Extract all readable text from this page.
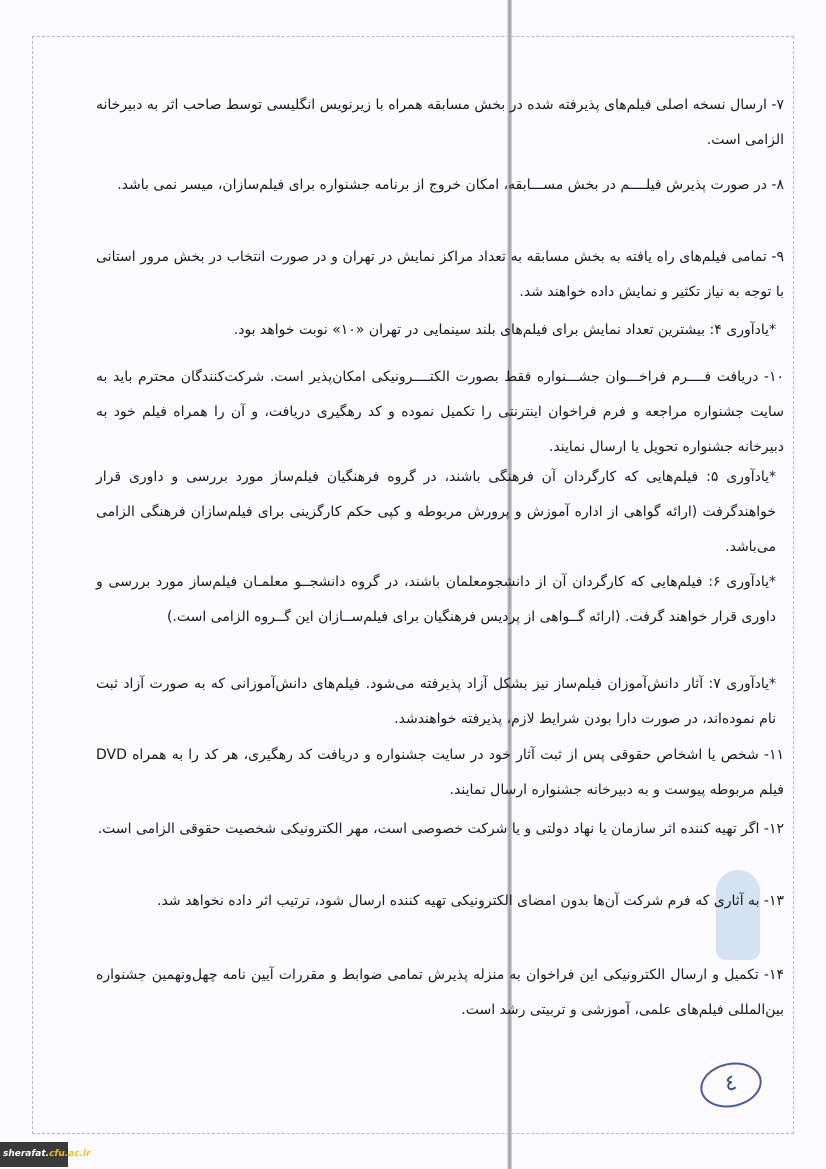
۷- ارسال نسخه اصلی فیلم‌های پذیرفته شده در بخش مسابقه همراه با زیرنویس انگلیسی توسط صاحب اثر به دبیرخانه الزامی است.

۸- در صورت پذیرش فیلــــم در بخش مســـابقه، امکان خروج از برنامه جشنواره برای فیلم‌سازان، میسر نمی باشد.

۹- تمامی فیلم‌های راه یافته به بخش مسابقه به تعداد مراکز نمایش در تهران و در صورت انتخاب در بخش مرور استانی با توجه به نیاز تکثیر و نمایش داده خواهند شد.

*یادآوری ۴: بیشترین تعداد نمایش برای فیلم‌های بلند سینمایی در تهران «۱۰» نوبت خواهد بود.

۱۰- دریافت فــــرم فراخـــوان جشـــنواره فقط بصورت الکتــــرونیکی امکان‌پذیر است. شرکت‌کنندگان محترم باید به سایت جشنواره مراجعه و فرم فراخوان اینترنتی را تکمیل نموده و کد رهگیری دریافت، و آن را همراه فیلم خود به دبیرخانه جشنواره تحویل یا ارسال نمایند.

*یادآوری ۵: فیلم‌هایی که کارگردان آن فرهنگی باشند، در گروه فرهنگیان فیلم‌ساز مورد بررسی و داوری قرار خواهندگرفت (ارائه گواهی از اداره آموزش و پرورش مربوطه و کپی حکم کارگزینی برای فیلم‌سازان فرهنگی الزامی می‌باشد.

*یادآوری ۶: فیلم‌هایی که کارگردان آن از دانشجومعلمان باشند، در گروه دانشجــو معلمـان فیلم‌ساز مورد بررسی و داوری قرار خواهند گرفت. (ارائه گــواهی از پردیس فرهنگیان برای فیلم‌ســازان این گــروه الزامی است.)

*یادآوری ۷: آثار دانش‌آموزان فیلم‌ساز نیز بشکل آزاد پذیرفته می‌شود. فیلم‌های دانش‌آموزانی که به صورت آزاد ثبت نام نموده‌اند، در صورت دارا بودن شرایط لازم، پذیرفته خواهندشد.

۱۱- شخص یا اشخاص حقوقی پس از ثبت آثار خود در سایت جشنواره و دریافت کد رهگیری، هر کد را به همراه DVD فیلم مربوطه پیوست و به دبیرخانه جشنواره ارسال نمایند.

۱۲- اگر تهیه کننده اثر سازمان یا نهاد دولتی و یا شرکت خصوصی است، مهر الکترونیکی شخصیت حقوقی الزامی است.

۱۳- به آثاری که فرم شرکت آن‌ها بدون امضای الکترونیکی تهیه کننده ارسال شود، ترتیب اثر داده نخواهد شد.

۱۴- تکمیل و ارسال الکترونیکی این فراخوان به منزله پذیرش تمامی ضوابط و مقررات آیین نامه چهل‌ونهمین جشنواره بین‌المللی فیلم‌های علمی، آموزشی و تربیتی رشد است.

٤
sherafat.cfu.ac.ir
